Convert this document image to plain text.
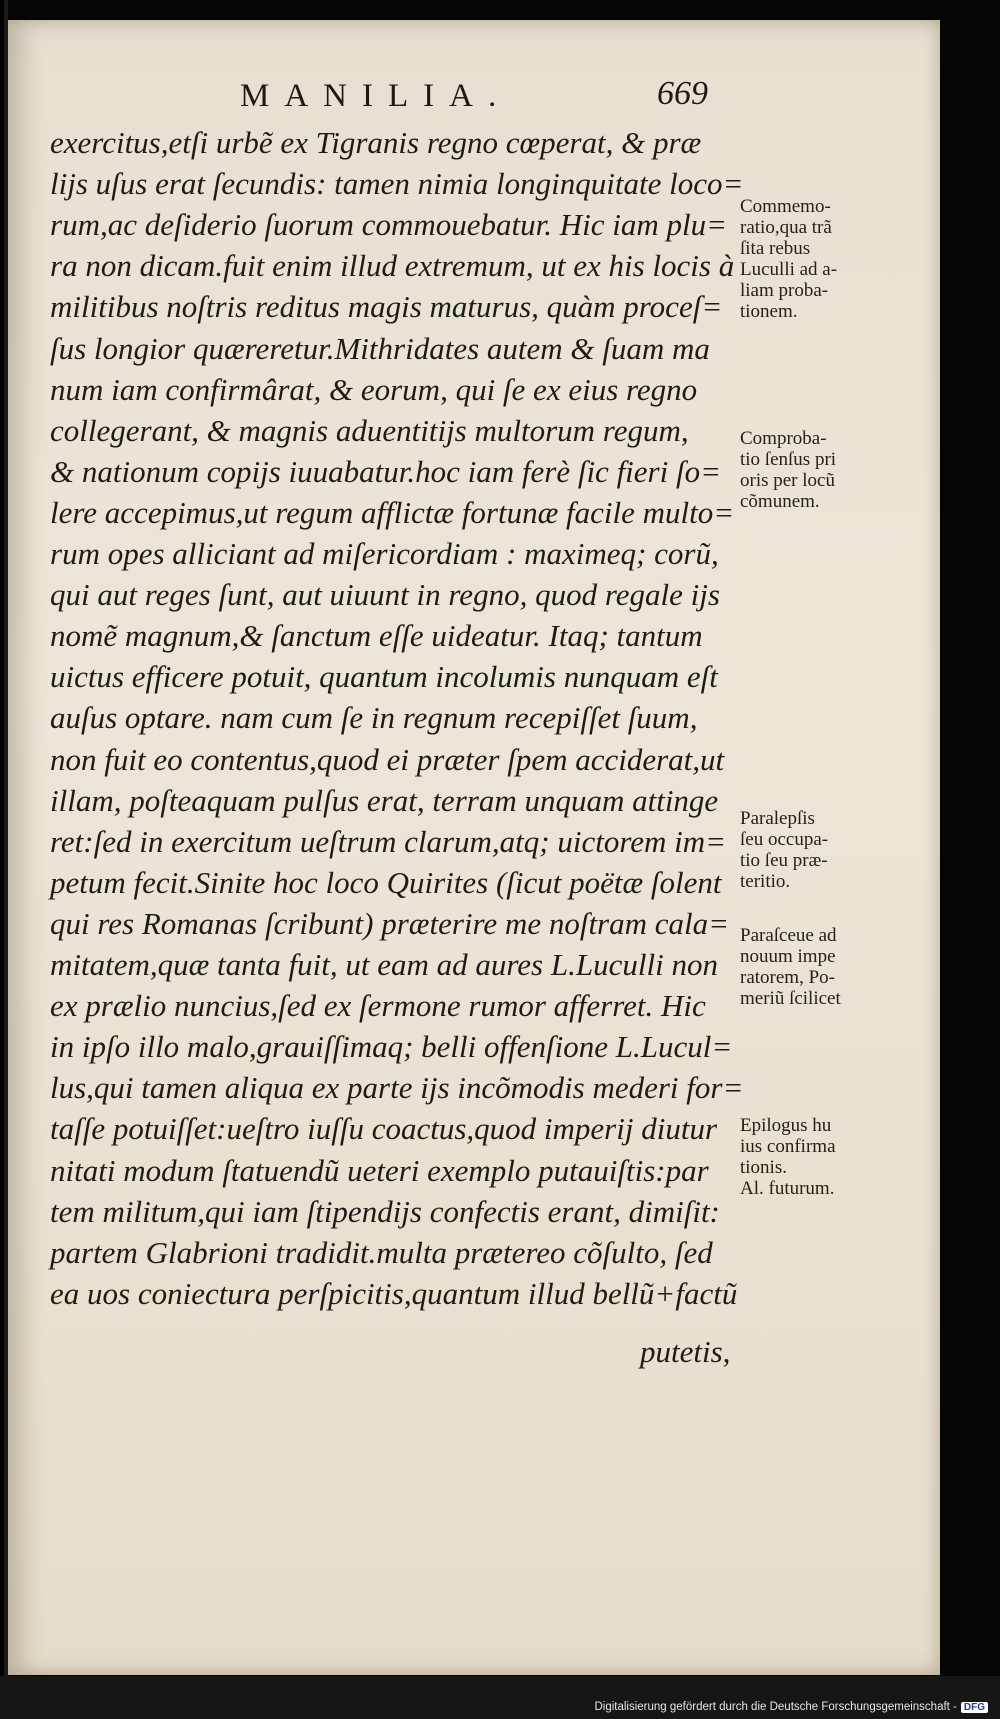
MANILIA.	669
exercitus,etſi urbẽ ex Tigranis regno cœperat, & præ
lijs uſus erat ſecundis: tamen nimia longinquitate loco=
rum,ac deſiderio ſuorum commouebatur. Hic iam plu=
ra non dicam.fuit enim illud extremum, ut ex his locis à
militibus noſtris reditus magis maturus, quàm proceſ=
ſus longior quæreretur.Mithridates autem & ſuam ma
num iam confirmârat, & eorum, qui ſe ex eius regno
collegerant, & magnis aduentitijs multorum regum,
& nationum copijs iuuabatur.hoc iam ferè ſic fieri ſo=
lere accepimus,ut regum afflictæ fortunæ facile multo=
rum opes alliciant ad miſericordiam : maximeq; corũ,
qui aut reges ſunt, aut uiuunt in regno, quod regale ijs
nomẽ magnum,& ſanctum eſſe uideatur. Itaq; tantum
uictus efficere potuit, quantum incolumis nunquam eſt
auſus optare. nam cum ſe in regnum recepiſſet ſuum,
non fuit eo contentus,quod ei præter ſpem acciderat,ut
illam, poſteaquam pulſus erat, terram unquam attinge
ret:ſed in exercitum ueſtrum clarum,atq; uictorem im=
petum fecit.Sinite hoc loco Quirites (ſicut poëtæ ſolent
qui res Romanas ſcribunt) præterire me noſtram cala=
mitatem,quæ tanta fuit, ut eam ad aures L.Luculli non
ex prælio nuncius,ſed ex ſermone rumor afferret. Hic
in ipſo illo malo,grauiſſimaq; belli offenſione L.Lucul=
lus,qui tamen aliqua ex parte ijs incõmodis mederi for=
taſſe potuiſſet:ueſtro iuſſu coactus,quod imperij diutur
nitati modum ſtatuendũ ueteri exemplo putauiſtis:par
tem militum,qui iam ſtipendijs confectis erant, dimiſit:
partem Glabrioni tradidit.multa prætereo cõſulto, ſed
ea uos coniectura perſpicitis,quantum illud bellũ+factũ
putetis,
Commemo-
ratio,qua trã
ſita rebus
Luculli ad a-
liam proba-
tionem.
Comproba-
tio ſenſus pri
oris per locũ
cõmunem.
Paralepſis
ſeu occupa-
tio ſeu præ-
teritio.
Paraſceue ad
nouum impe
ratorem, Po-
meriũ ſcilicet
Epilogus hu
ius confirma
tionis.
Al. futurum.
Digitalisierung gefördert durch die Deutsche Forschungsgemeinschaft - DFG
